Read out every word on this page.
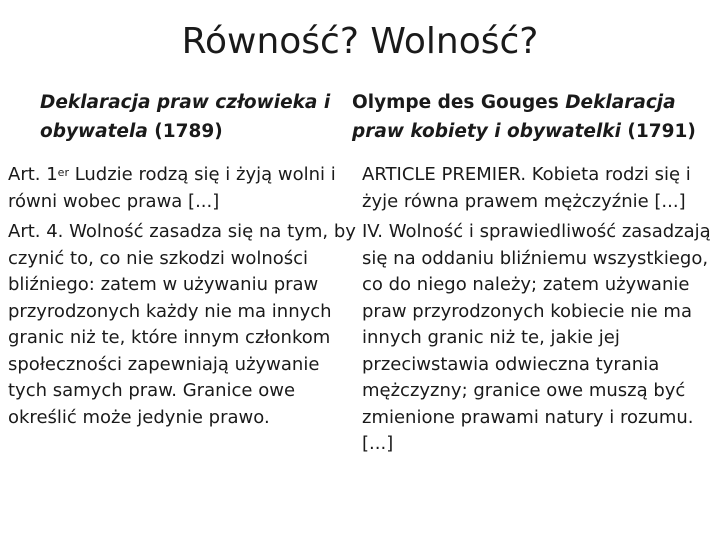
Równość? Wolność?
Deklaracja praw człowieka i obywatela (1789)
Olympe des Gouges Deklaracja praw kobiety i obywatelki (1791)

Art. 1er Ludzie rodzą się i żyją wolni i równi wobec prawa [...]

Art. 4. Wolność zasadza się na tym, by czynić to, co nie szkodzi wolności bliźniego: zatem w używaniu praw przyrodzonych każdy nie ma innych granic niż te, które innym członkom społeczności zapewniają używanie tych samych praw. Granice owe określić może jedynie prawo.

ARTICLE PREMIER. Kobieta rodzi się i żyje równa prawem mężczyźnie [...]

IV. Wolność i sprawiedliwość zasadzają się na oddaniu bliźniemu wszystkiego, co do niego należy; zatem używanie praw przyrodzonych kobiecie nie ma innych granic niż te, jakie jej przeciwstawia odwieczna tyrania mężczyzny; granice owe muszą być zmienione prawami natury i rozumu. [...]
